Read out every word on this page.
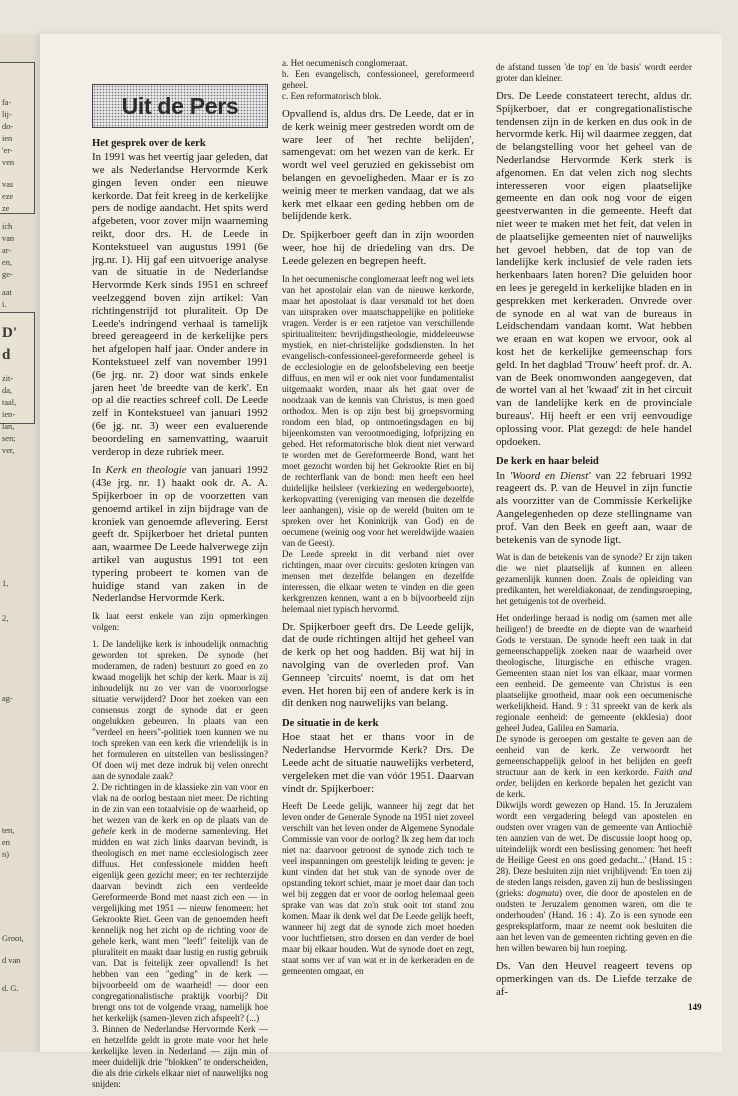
fa-
lij-
do-
ien
'er-
ven
vas
eze
ze
ich
van
ar-
en,
ge-
aat
i.
D'
d
zit-
da,
taal,
ien-
lan,
sen;
ver,
1,
2,
ag-
ten,
en
n)
Groot,
d van
d. G.
Uit de Pers
Het gesprek over de kerk

In 1991 was het veertig jaar geleden, dat we als Nederlandse Hervormde Kerk gingen leven onder een nieuwe kerkorde. Dat feit kreeg in de kerkelijke pers de nodige aandacht. Het spits werd afgebeten, voor zover mijn waarneming reikt, door drs. H. de Leede in Kontekstueel van augustus 1991 (6e jrg.nr. 1). Hij gaf een uitvoerige analyse van de situatie in de Nederlandse Hervormde Kerk sinds 1951 en schreef veelzeggend boven zijn artikel: Van richtingenstrijd tot pluraliteit. Op De Leede's indringend verhaal is tamelijk breed gereageerd in de kerkelijke pers het afgelopen half jaar. Onder andere in Kontekstueel zelf van november 1991 (6e jrg. nr. 2) door wat sinds enkele jaren heet 'de breedte van de kerk'. En op al die reacties schreef coll. De Leede zelf in Kontekstueel van januari 1992 (6e jg. nr. 3) weer een evaluerende beoordeling en samenvatting, waaruit verderop in deze rubriek meer.

In Kerk en theologie van januari 1992 (43e jrg. nr. 1) haakt ook dr. A. A. Spijkerboer in op de voorzetten van genoemd artikel in zijn bijdrage van de kroniek van genoemde aflevering. Eerst geeft dr. Spijkerboer het drietal punten aan, waarmee De Leede halverwege zijn artikel van augustus 1991 tot een typering probeert te komen van de huidige stand van zaken in de Nederlandse Hervormde Kerk.

Ik laat eerst enkele van zijn opmerkingen volgen:

1. De landelijke kerk is inhoudelijk onmachtig geworden tot spreken. De synode (het moderamen, de raden) bestuurt zo goed en zo kwaad mogelijk het schip der kerk. Maar is zij inhoudelijk nu zo ver van de vooroorlogse situatie verwijderd? Door het zoeken van een consensus zorgt de synode dat er geen ongelukken gebeuren. In plaats van een "verdeel en heers"-politiek toen kunnen we nu toch spreken van een kerk die vriendelijk is in het formuleren en uitstellen van beslissingen? Of doen wij met deze indruk bij velen onrecht aan de synodale zaak?

2. De richtingen in de klassieke zin van voor en vlak na de oorlog bestaan niet meer. De richting in de zin van een totaalvisie op de waarheid, op het wezen van de kerk en op de plaats van de gehele kerk in de moderne samenleving. Het midden en wat zich links daarvan bevindt, is theologisch en met name ecclesiologisch zeer diffuus. Het confessionele midden heeft eigenlijk geen gezicht meer; en ter rechterzijde daarvan bevindt zich een verdeelde Gereformeerde Bond met naast zich een — in vergelijking met 1951 — nieuw fenomeen: het Gekrookte Riet. Geen van de genoemden heeft kennelijk nog het zicht op de richting voor de gehele kerk, want men "leeft" feitelijk van de pluraliteit en maakt daar lustig en rustig gebruik van. Dat is feitelijk zeer opvallend! Is het hebben van een "geding" in de kerk — bijvoorbeeld om de waarheid! — door een congregationalistische praktijk voorbij? Dit brengt ons tot de volgende vraag, namelijk hoe het kerkelijk (samen-)leven zich afspeelt? (...)

3. Binnen de Nederlandse Hervormde Kerk — en hetzelfde geldt in grote mate voor het hele kerkelijke leven in Nederland — zijn min of meer duidelijk drie "blokken" te onderscheiden, die als drie cirkels elkaar niet of nauwelijks nog snijden:

a. Het oecumenisch conglomeraat.

b. Een evangelisch, confessioneel, gereformeerd geheel.

c. Een reformatorisch blok.

Opvallend is, aldus drs. De Leede, dat er in de kerk weinig meer gestreden wordt om de ware leer of 'het rechte belijden', samengevat: om het wezen van de kerk. Er wordt wel veel geruzied en gekissebist om belangen en gevoeligheden. Maar er is zo weinig meer te merken vandaag, dat we als kerk met elkaar een geding hebben om de belijdende kerk.

Dr. Spijkerboer geeft dan in zijn woorden weer, hoe hij de driedeling van drs. De Leede gelezen en begrepen heeft.

In het oecumenische conglomeraat leeft nog wel iets van het apostolair elan van de nieuwe kerkorde, maar het apostolaat is daar versmald tot het doen van uitspraken over maatschappelijke en politieke vragen. Verder is er een ratjetoe van verschillende spiritualiteiten: bevrijdingstheologie, middeleeuwse mystiek, en niet-christelijke godsdiensten. In het evangelisch-confessioneel-gereformeerde geheel is de ecclesiologie en de geloofsbeleving een beetje diffuus, en men wil er ook niet voor fundamentalist uitgemaakt worden, maar als het gaat over de noodzaak van de kennis van Christus, is men goed orthodox. Men is op zijn best bij groepsvorming rondom een blad, op ontmoetingsdagen en bij bijeenkomsten van verootmoediging, lofprijzing en gebed. Het reformatorische blok dient niet verward te worden met de Gereformeerde Bond, want het moet gezocht worden bij het Gekrookte Riet en bij de rechterflank van de bond: men heeft een heel duidelijke heilsleer (verkiezing en wedergeboorte), kerkopvatting (vereniging van mensen die dezelfde leer aanhangen), visie op de wereld (buiten om te spreken over het Koninkrijk van God) en de oecumene (weinig oog voor het wereldwijde waaien van de Geest).

De Leede spreekt in dit verband niet over richtingen, maar over circuits: gesloten kringen van mensen met dezelfde belangen en dezelfde interessen, die elkaar weten te vinden en die geen kerkgrenzen kennen, want a en b bijvoorbeeld zijn helemaal niet typisch hervormd.

Dr. Spijkerboer geeft drs. De Leede gelijk, dat de oude richtingen altijd het geheel van de kerk op het oog hadden. Bij wat hij in navolging van de overleden prof. Van Genneep 'circuits' noemt, is dat om het even. Het horen bij een of andere kerk is in dit denken nog nauwelijks van belang.

De situatie in de kerk

Hoe staat het er thans voor in de Nederlandse Hervormde Kerk? Drs. De Leede acht de situatie nauwelijks verbeterd, vergeleken met die van vóór 1951. Daarvan vindt dr. Spijkerboer:

Heeft De Leede gelijk, wanneer hij zegt dat het leven onder de Generale Synode na 1951 niet zoveel verschilt van het leven onder de Algemene Synodale Commissie van voor de oorlog? Ik zeg hem dat toch niet na: daarvoor getroost de synode zich toch te veel inspanningen om geestelijk leiding te geven: je kunt vinden dat het stuk van de synode over de opstanding tekort schiet, maar je moet daar dan toch wel bij zeggen dat er voor de oorlog helemaal geen sprake van was dat zo'n stuk ooit tot stand zou komen. Maar ik denk wel dat De Leede gelijk heeft, wanneer hij zegt dat de synode zich moet hoeden voor luchtfietsen, stro dorsen en dan verder de boel maar bij elkaar houden. Wat de synode doet en zegt, staat soms ver af van wat er in de kerkeraden en de gemeenten omgaat, en

de afstand tussen 'de top' en 'de basis' wordt eerder groter dan kleiner.

Drs. De Leede constateert terecht, aldus dr. Spijkerboer, dat er congregationalistische tendensen zijn in de kerken en dus ook in de hervormde kerk. Hij wil daarmee zeggen, dat de belangstelling voor het geheel van de Nederlandse Hervormde Kerk sterk is afgenomen. En dat velen zich nog slechts interesseren voor eigen plaatselijke gemeente en dan ook nog voor de eigen geestverwanten in die gemeente. Heeft dat niet weer te maken met het feit, dat velen in de plaatselijke gemeenten niet of nauwelijks het gevoel hebben, dat de top van de landelijke kerk inclusief de vele raden iets herkenbaars laten horen? Die geluiden hoor en lees je geregeld in kerkelijke bladen en in gesprekken met kerkeraden. Onvrede over de synode en al wat van de bureaus in Leidschendam vandaan komt. Wat hebben we eraan en wat kopen we ervoor, ook al kost het de kerkelijke gemeenschap fors geld. In het dagblad 'Trouw' heeft prof. dr. A. van de Beek onomwonden aangegeven, dat de wortel van al het 'kwaad' zit in het circuit van de landelijke kerk en de provinciale bureaus'. Hij heeft er een vrij eenvoudige oplossing voor. Plat gezegd: de hele handel opdoeken.

De kerk en haar beleid

In 'Woord en Dienst' van 22 februari 1992 reageert ds. P. van de Heuvel in zijn functie als voorzitter van de Commissie Kerkelijke Aangelegenheden op deze stellingname van prof. Van den Beek en geeft aan, waar de betekenis van de synode ligt.

Wat is dan de betekenis van de synode? Er zijn taken die we niet plaatselijk af kunnen en alleen gezamenlijk kunnen doen. Zoals de opleiding van predikanten, het wereldiakonaat, de zendingsroeping, het getuigenis tot de overheid.

Het onderlinge beraad is nodig om (samen met alle heiligen!) de breedte en de diepte van de waarheid Gods te verstaan. De synode heeft een taak in dat gemeenschappelijk zoeken naar de waarheid over theologische, liturgische en ethische vragen. Gemeenten staan niet los van elkaar, maar vormen een eenheid. De gemeente van Christus is een plaatselijke grootheid, maar ook een oecumenische werkelijkheid. Hand. 9 : 31 spreekt van de kerk als regionale eenheid: de gemeente (ekklesia) door geheel Judea, Galilea en Samaria.

De synode is geroepen om gestalte te geven aan de eenheid van de kerk. Ze verwoordt het gemeenschappelijk geloof in het belijden en geeft structuur aan de kerk in een kerkorde. Faith and order, belijden en kerkorde bepalen het gezicht van de kerk.

Dikwijls wordt gewezen op Hand. 15. In Jeruzalem wordt een vergadering belegd van apostelen en oudsten over vragen van de gemeente van Antiochië ten aanzien van de wet. De discussie loopt hoog op, uiteindelijk wordt een beslissing genomen: 'het heeft de Heilige Geest en ons goed gedacht...' (Hand. 15 : 28). Deze besluiten zijn niet vrijblijvend: 'En toen zij de steden langs reisden, gaven zij hun de beslissingen (grieks: dogmata) over, die door de apostelen en de oudsten te Jeruzalem genomen waren, om die te onderhouden' (Hand. 16 : 4). Zo is een synode een gespreksplatform, maar ze neemt ook besluiten die aan het leven van de gemeenten richting geven en die hen willen bewaren bij hun roeping.

Ds. Van den Heuvel reageert tevens op opmerkingen van ds. De Liefde terzake de af-

149
